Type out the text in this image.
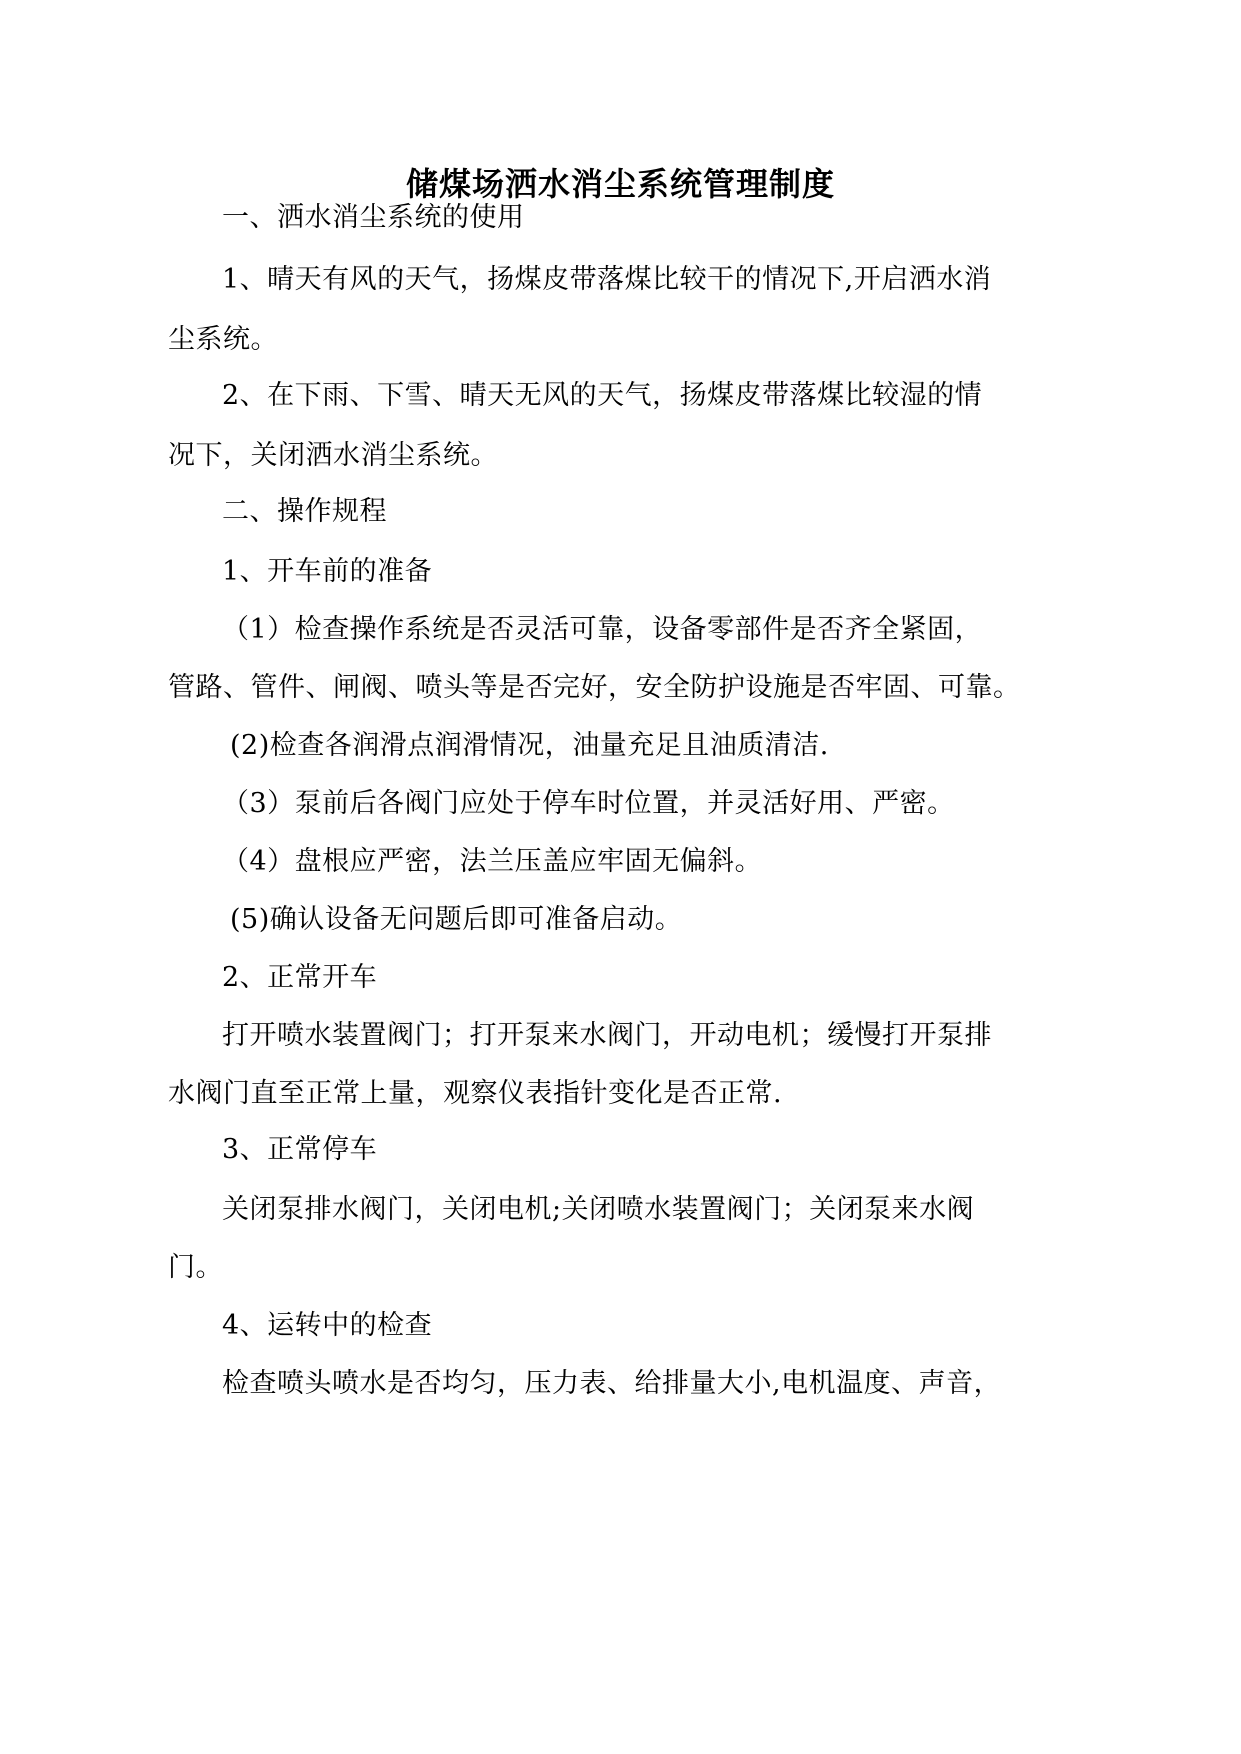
储煤场洒水消尘系统管理制度
一、洒水消尘系统的使用
1、晴天有风的天气，扬煤皮带落煤比较干的情况下,开启洒水消
尘系统。
2、在下雨、下雪、晴天无风的天气，扬煤皮带落煤比较湿的情
况下，关闭洒水消尘系统。
二、操作规程
1、开车前的准备
（1）检查操作系统是否灵活可靠，设备零部件是否齐全紧固，
管路、管件、闸阀、喷头等是否完好，安全防护设施是否牢固、可靠。
(2)检查各润滑点润滑情况，油量充足且油质清洁.
（3）泵前后各阀门应处于停车时位置，并灵活好用、严密。
（4）盘根应严密，法兰压盖应牢固无偏斜。
(5)确认设备无问题后即可准备启动。
2、正常开车
打开喷水装置阀门；打开泵来水阀门，开动电机；缓慢打开泵排
水阀门直至正常上量，观察仪表指针变化是否正常.
3、正常停车
关闭泵排水阀门，关闭电机;关闭喷水装置阀门；关闭泵来水阀
门。
4、运转中的检查
检查喷头喷水是否均匀，压力表、给排量大小,电机温度、声音，
